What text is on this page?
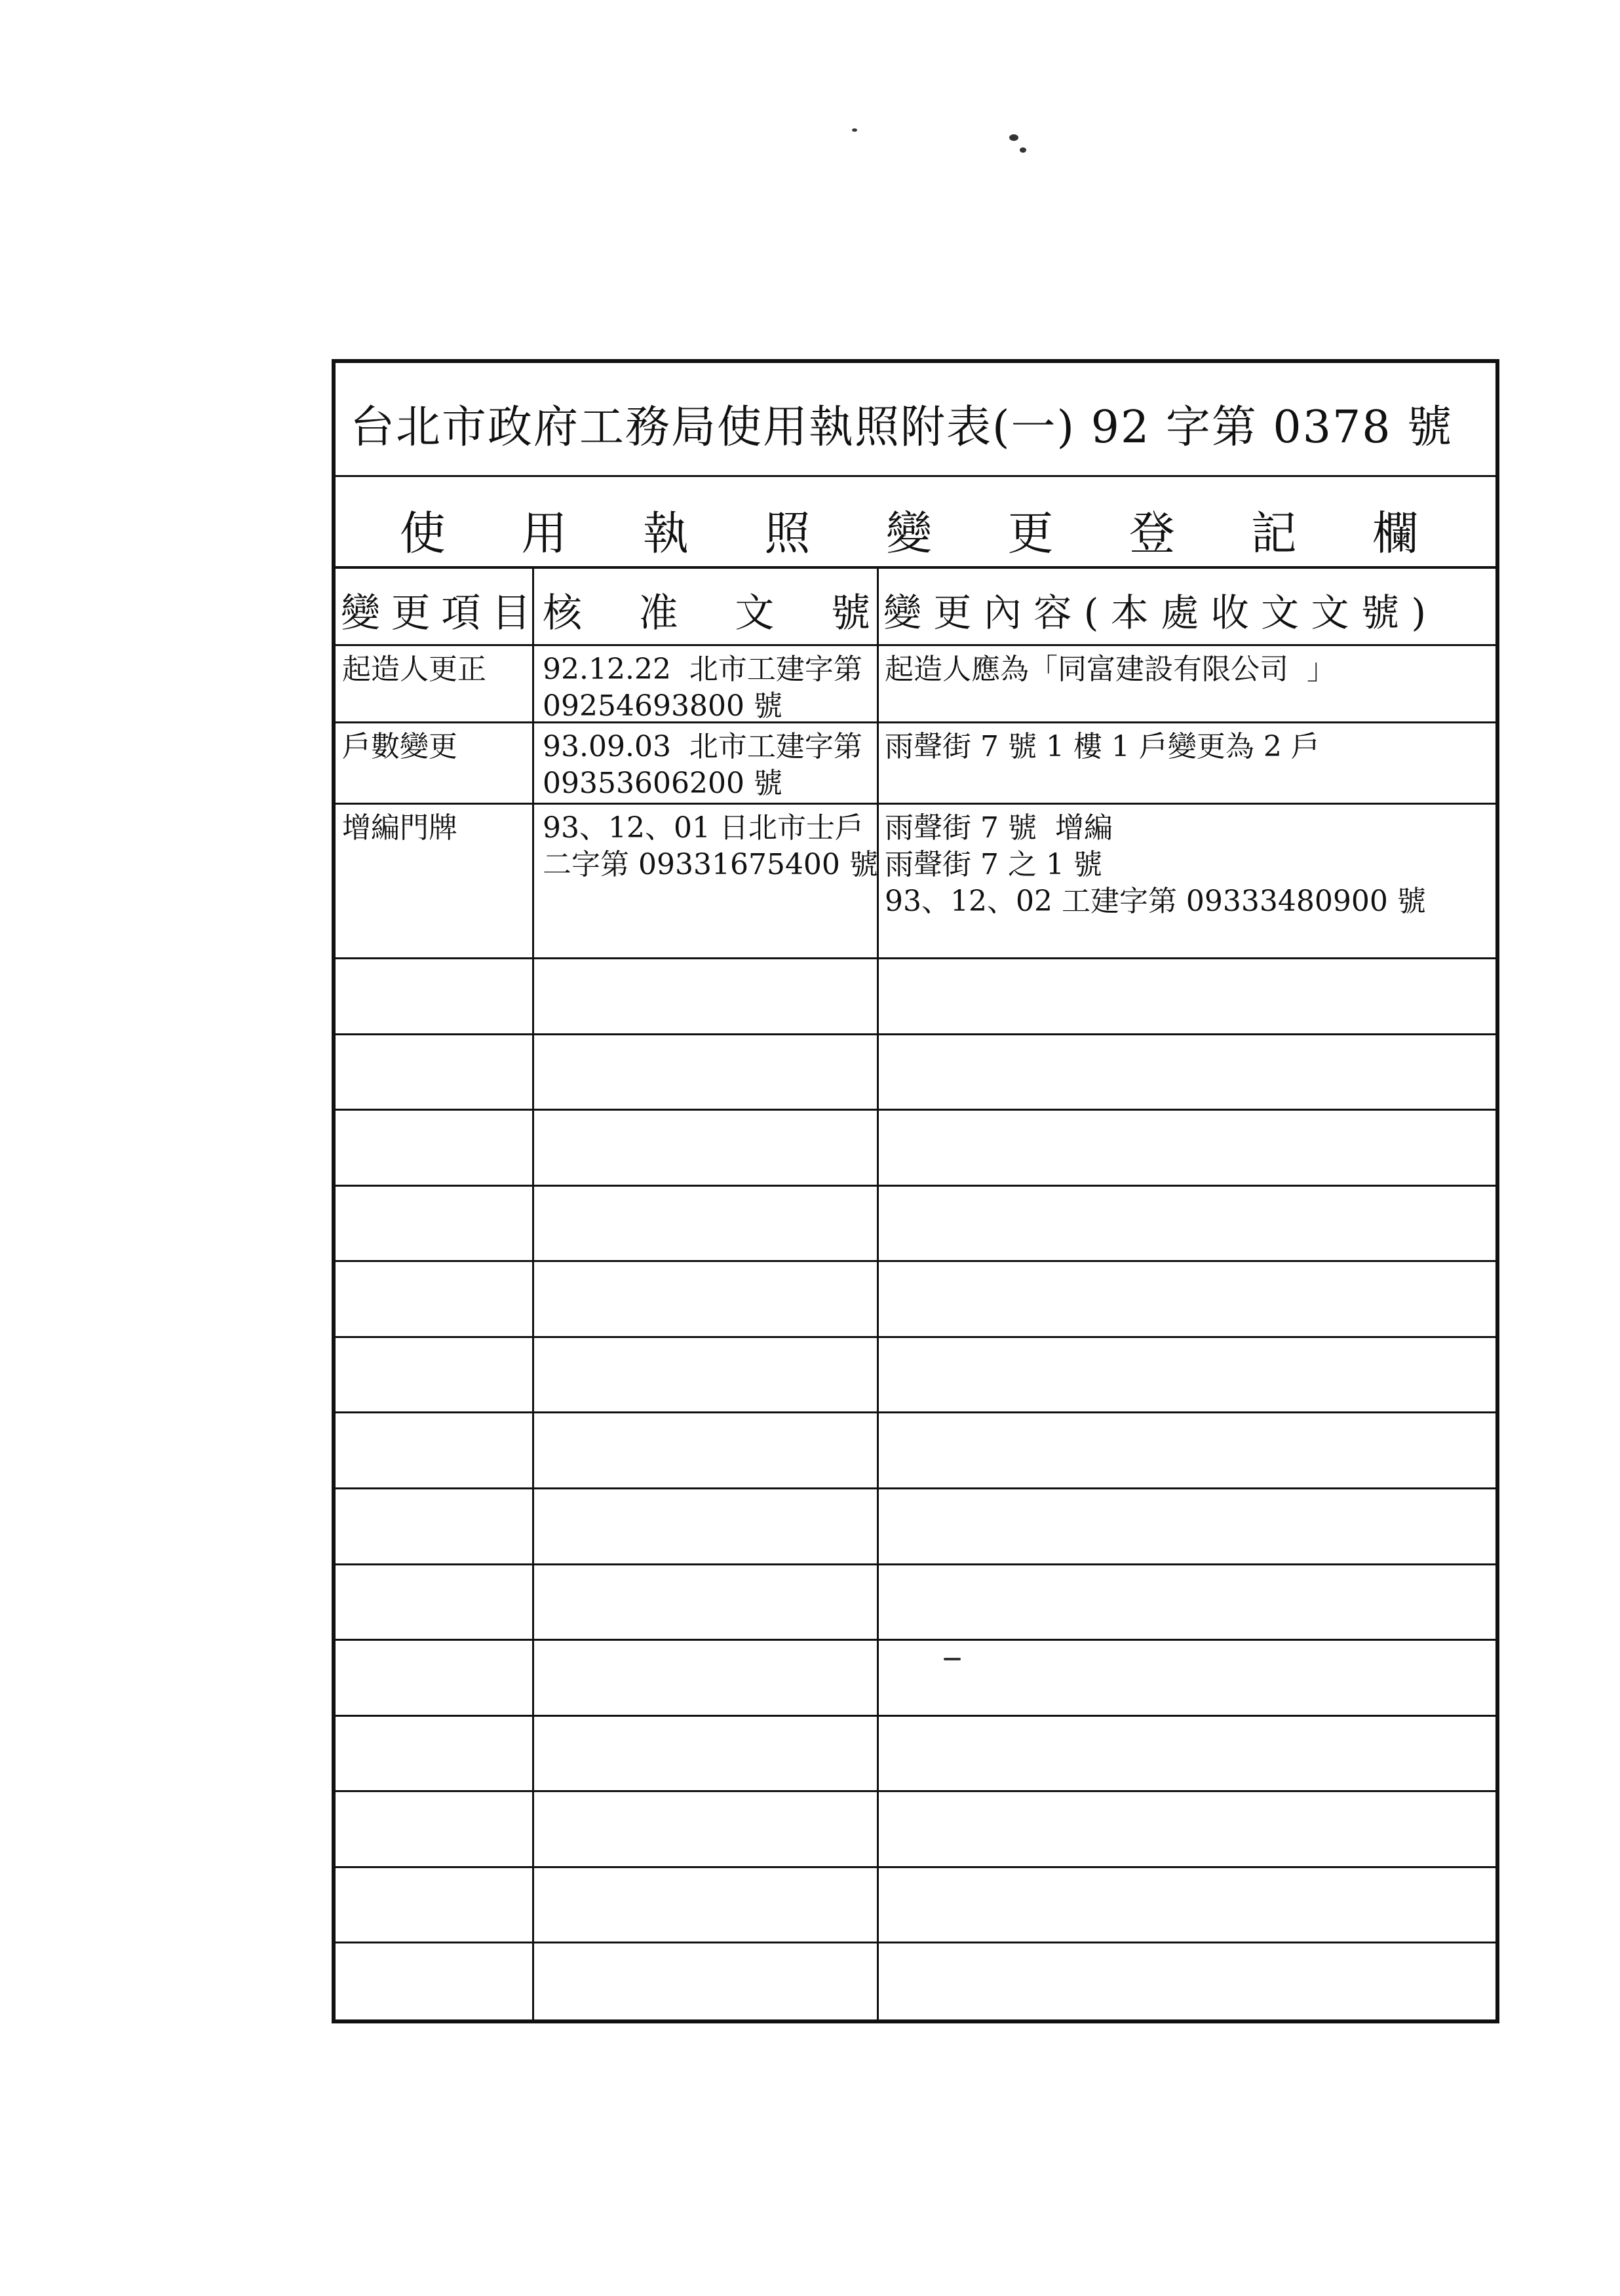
台北市政府工務局使用執照附表(一) 92 字第 0378 號
使 用 執 照 變 更 登 記 欄
變 更 項 目 核 准 文 號 變 更 內 容 ( 本 處 收 文 文 號 )
起造人更正 92.12.22  北市工建字第
09254693800 號
起造人應為「同富建設有限公司  」
戶數變更	93.09.03  北市工建字第
09353606200 號
雨聲街 7 號 1 樓 1 戶變更為 2 戶
增編門牌	93、12、01 日北市士戶
二字第 09331675400 號
雨聲街 7 號  增編
雨聲街 7 之 1 號
93、12、02 工建字第 09333480900 號
